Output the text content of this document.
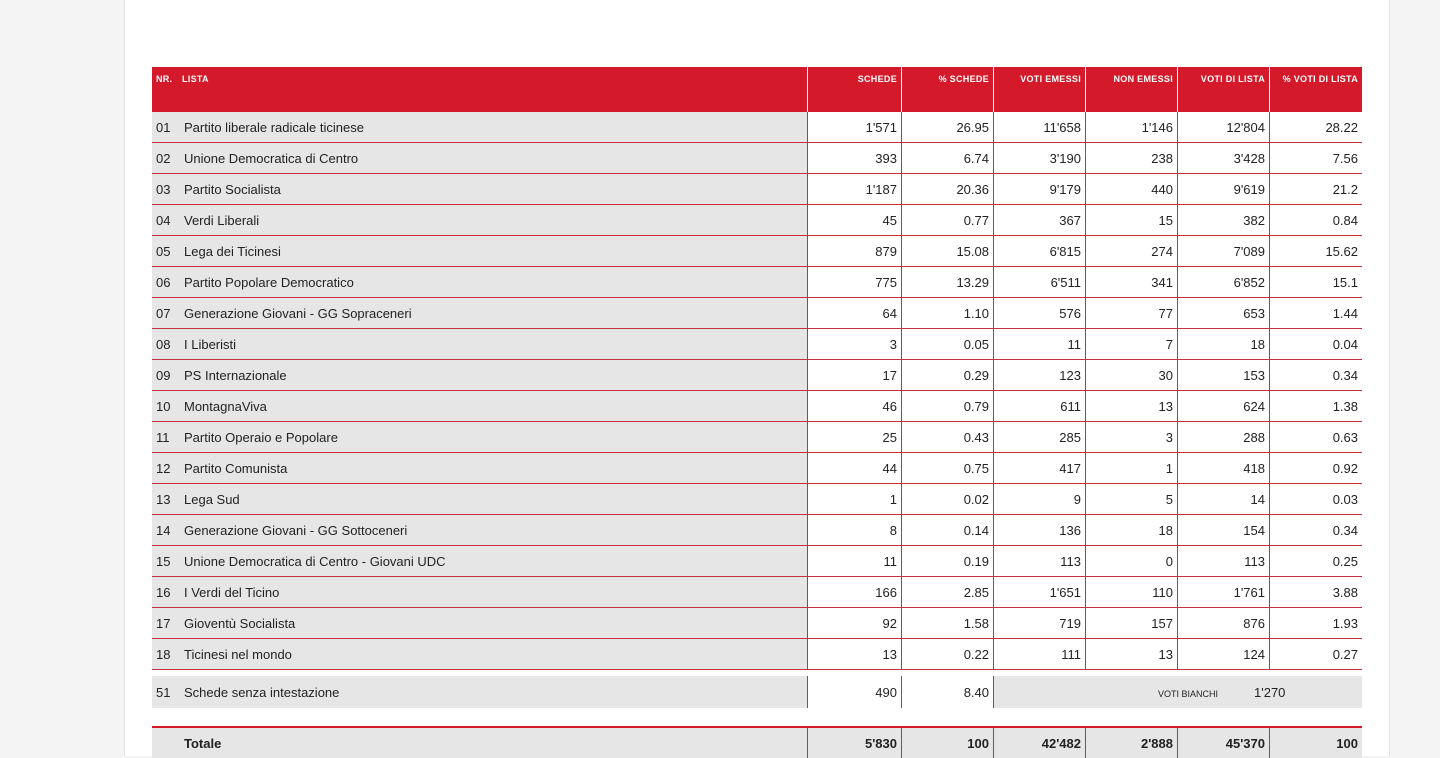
NR. LISTA	SCHEDE	% SCHEDE	VOTI EMESSI	NON EMESSI	VOTI DI LISTA	% VOTI DI LISTA
01 Partito liberale radicale ticinese	1'571	26.95	11'658	1'146	12'804	28.22
02 Unione Democratica di Centro	393	6.74	3'190	238	3'428	7.56
03 Partito Socialista	1'187	20.36	9'179	440	9'619	21.2
04 Verdi Liberali	45	0.77	367	15	382	0.84
05 Lega dei Ticinesi	879	15.08	6'815	274	7'089	15.62
06 Partito Popolare Democratico	775	13.29	6'511	341	6'852	15.1
07 Generazione Giovani - GG Sopraceneri	64	1.10	576	77	653	1.44
08 I Liberisti	3	0.05	11	7	18	0.04
09 PS Internazionale	17	0.29	123	30	153	0.34
10 MontagnaViva	46	0.79	611	13	624	1.38
11 Partito Operaio e Popolare	25	0.43	285	3	288	0.63
12 Partito Comunista	44	0.75	417	1	418	0.92
13 Lega Sud	1	0.02	9	5	14	0.03
14 Generazione Giovani - GG Sottoceneri	8	0.14	136	18	154	0.34
15 Unione Democratica di Centro - Giovani UDC	11	0.19	113	0	113	0.25
16 I Verdi del Ticino	166	2.85	1'651	110	1'761	3.88
17 Gioventù Socialista	92	1.58	719	157	876	1.93
18 Ticinesi nel mondo	13	0.22	111	13	124	0.27

51 Schede senza intestazione	490	8.40	VOTI BIANCHI 1'270			

Totale	5'830	100	42'482	2'888	45'370	100
